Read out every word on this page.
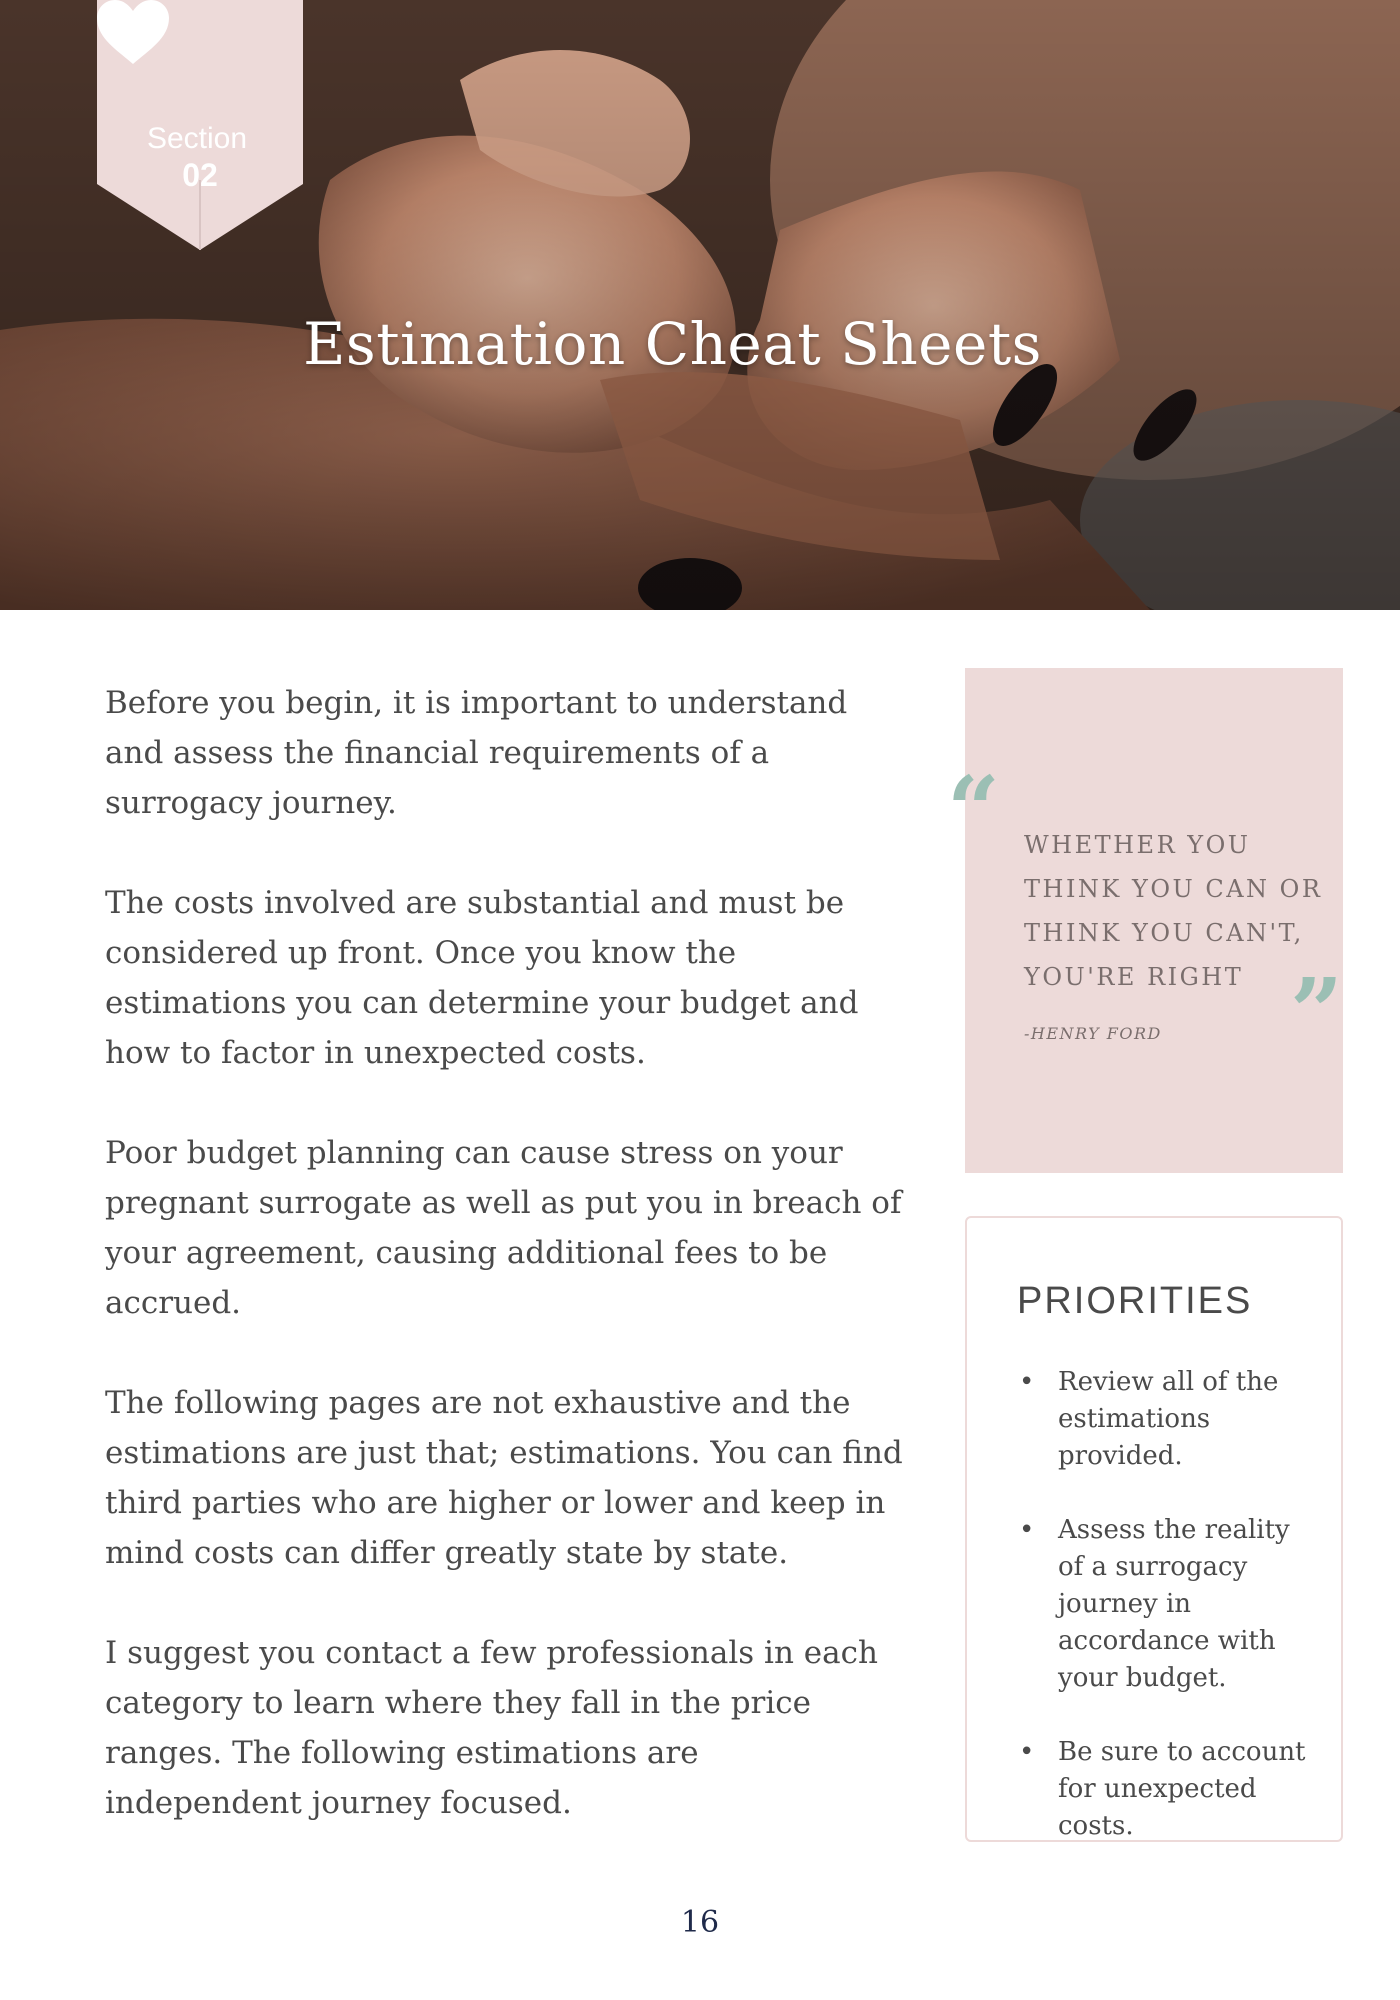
Section
02
Estimation Cheat Sheets

Before you begin, it is important to understand and assess the financial requirements of a surrogacy journey.

The costs involved are substantial and must be considered up front. Once you know the estimations you can determine your budget and how to factor in unexpected costs.

Poor budget planning can cause stress on your pregnant surrogate as well as put you in breach of your agreement, causing additional fees to be accrued.

The following pages are not exhaustive and the estimations are just that; estimations. You can find third parties who are higher or lower and keep in mind costs can differ greatly state by state.

I suggest you contact a few professionals in each category to learn where they fall in the price ranges. The following estimations are independent journey focused.

“ WHETHER YOU THINK YOU CAN OR THINK YOU CAN'T, YOU'RE RIGHT ”
-HENRY FORD
PRIORITIES
• Review all of the estimations provided.
• Assess the reality of a surrogacy journey in accordance with your budget.
• Be sure to account for unexpected costs.
16
